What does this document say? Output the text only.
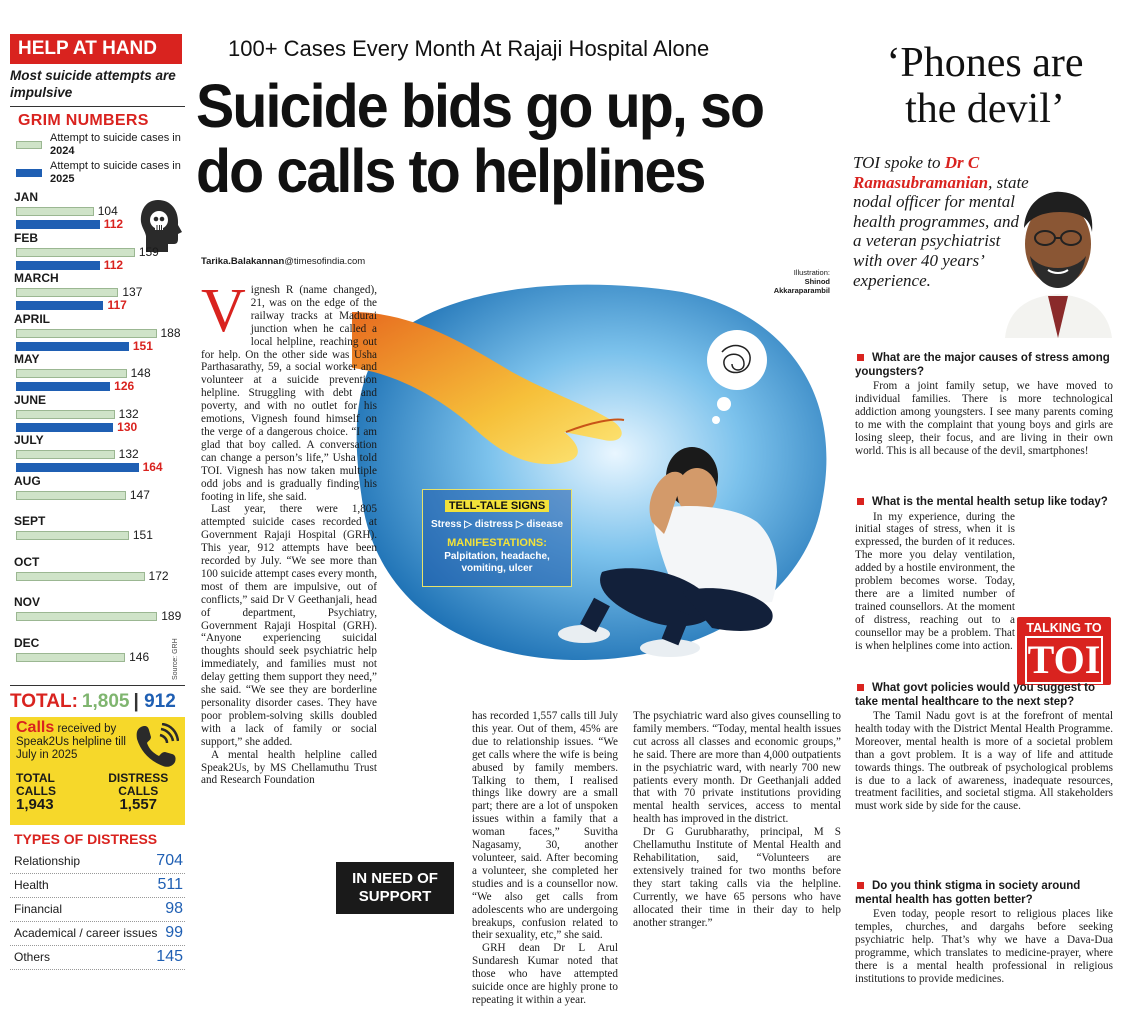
HELP AT HAND
Most suicide attempts are impulsive
GRIM NUMBERS
Attempt to suicide cases in 2024
Attempt to suicide cases in 2025
JAN
104
112
FEB
159
112
MARCH
137
117
APRIL
188
151
MAY
148
126
JUNE
132
130
JULY
132
164
AUG
147
SEPT
151
OCT
172
NOV
189
DEC
146
TOTAL: 1,805 | 912
Calls received by Speak2Us helpline till July in 2025
TOTAL CALLS
1,943
DISTRESS
CALLS
1,557
TYPES OF DISTRESS
Relationship	704
Health	511
Financial	98
Academical / career issues 99
Others	145
Source: GRH
100+ Cases Every Month At Rajaji Hospital Alone
Suicide bids go up, so do calls to helplines
Tarika.Balakannan@timesofindia.com
Illustration:
Shinod Akkaraparambil
TELL-TALE SIGNS
Stress ▷ distress ▷ disease
MANIFESTATIONS:
Palpitation, headache, vomiting, ulcer

Vignesh R (name changed), 21, was on the edge of the railway tracks at Madurai junction when he called a local helpline, reaching out for help. On the other side was Usha Parthasarathy, 59, a social worker and volunteer at a suicide prevention helpline. Struggling with debt and poverty, and with no outlet for his emotions, Vignesh found himself on the verge of a dangerous choice. “I am glad that boy called. A conversation can change a person’s life,” Usha told TOI. Vignesh has now taken multiple odd jobs and is gradually finding his footing in life, she said.

Last year, there were 1,805 attempted suicide cases recorded at Government Rajaji Hospital (GRH). This year, 912 attempts have been recorded by July. “We see more than 100 suicide attempt cases every month, most of them are impulsive, out of conflicts,” said Dr V Geethanjali, head of department, Psychiatry, Government Rajaji Hospital (GRH). “Anyone experiencing suicidal thoughts should seek psychiatric help immediately, and families must not delay getting them support they need,” she said. “We see they are borderline personality disorder cases. They have poor problem-solving skills doubled with a lack of family or social support,” she added.

A mental health helpline called Speak2Us, by MS Chellamuthu Trust and Research Foundation

has recorded 1,557 calls till July this year. Out of them, 45% are due to relationship issues. “We get calls where the wife is being abused by family members. Talking to them, I realised things like dowry are a small part; there are a lot of unspoken issues within a family that a woman faces,” Suvitha Nagasamy, 30, another volunteer, said. After becoming a volunteer, she completed her studies and is a counsellor now. “We also get calls from adolescents who are undergoing breakups, confusion related to their sexuality, etc,” she said.

GRH dean Dr L Arul Sundaresh Kumar noted that those who have attempted suicide once are highly prone to repeating it within a year.

The psychiatric ward also gives counselling to family members. “Today, mental health issues cut across all classes and economic groups,” he said. There are more than 4,000 outpatients in the psychiatric ward, with nearly 700 new patients every month. Dr Geethanjali added that with 70 private institutions providing mental health services, access to mental health has improved in the district.

Dr G Gurubharathy, principal, M S Chellamuthu Institute of Mental Health and Rehabilitation, said, “Volunteers are extensively trained for two months before they start taking calls via the helpline. Currently, we have 65 persons who have allocated their time in their day to help another stranger.”

IN NEED OF SUPPORT
‘Phones are the devil’
TOI spoke to Dr C Ramasubramanian, state nodal officer for mental health programmes, and a veteran psychiatrist with over 40 years’ experience.
What are the major causes of stress among youngsters?
From a joint family setup, we have moved to individual families. There is more technological addiction among youngsters. I see many parents coming to me with the complaint that young boys and girls are losing sleep, their focus, and are living in their own world. This is all because of the devil, smartphones!
What is the mental health setup like today?
In my experience, during the initial stages of stress, when it is expressed, the burden of it reduces. The more you delay ventilation, added by a hostile environment, the problem becomes worse. Today, there are a limited number of trained counsellors. At the moment of distress, reaching out to a counsellor may be a problem. That is when helplines come into action.
TALKING TO
TOI
What govt policies would you suggest to take mental healthcare to the next step?
The Tamil Nadu govt is at the forefront of mental health today with the District Mental Health Programme. Moreover, mental health is more of a societal problem than a govt problem. It is a way of life and attitude towards things. The outbreak of psychological problems is due to a lack of awareness, inadequate resources, treatment facilities, and societal stigma. All stakeholders must work side by side for the cause.
Do you think stigma in society around mental health has gotten better?
Even today, people resort to religious places like temples, churches, and dargahs before seeking psychiatric help. That’s why we have a Dava-Dua programme, which translates to medicine-prayer, where there is a mental health professional in religious institutions to provide medicines.
